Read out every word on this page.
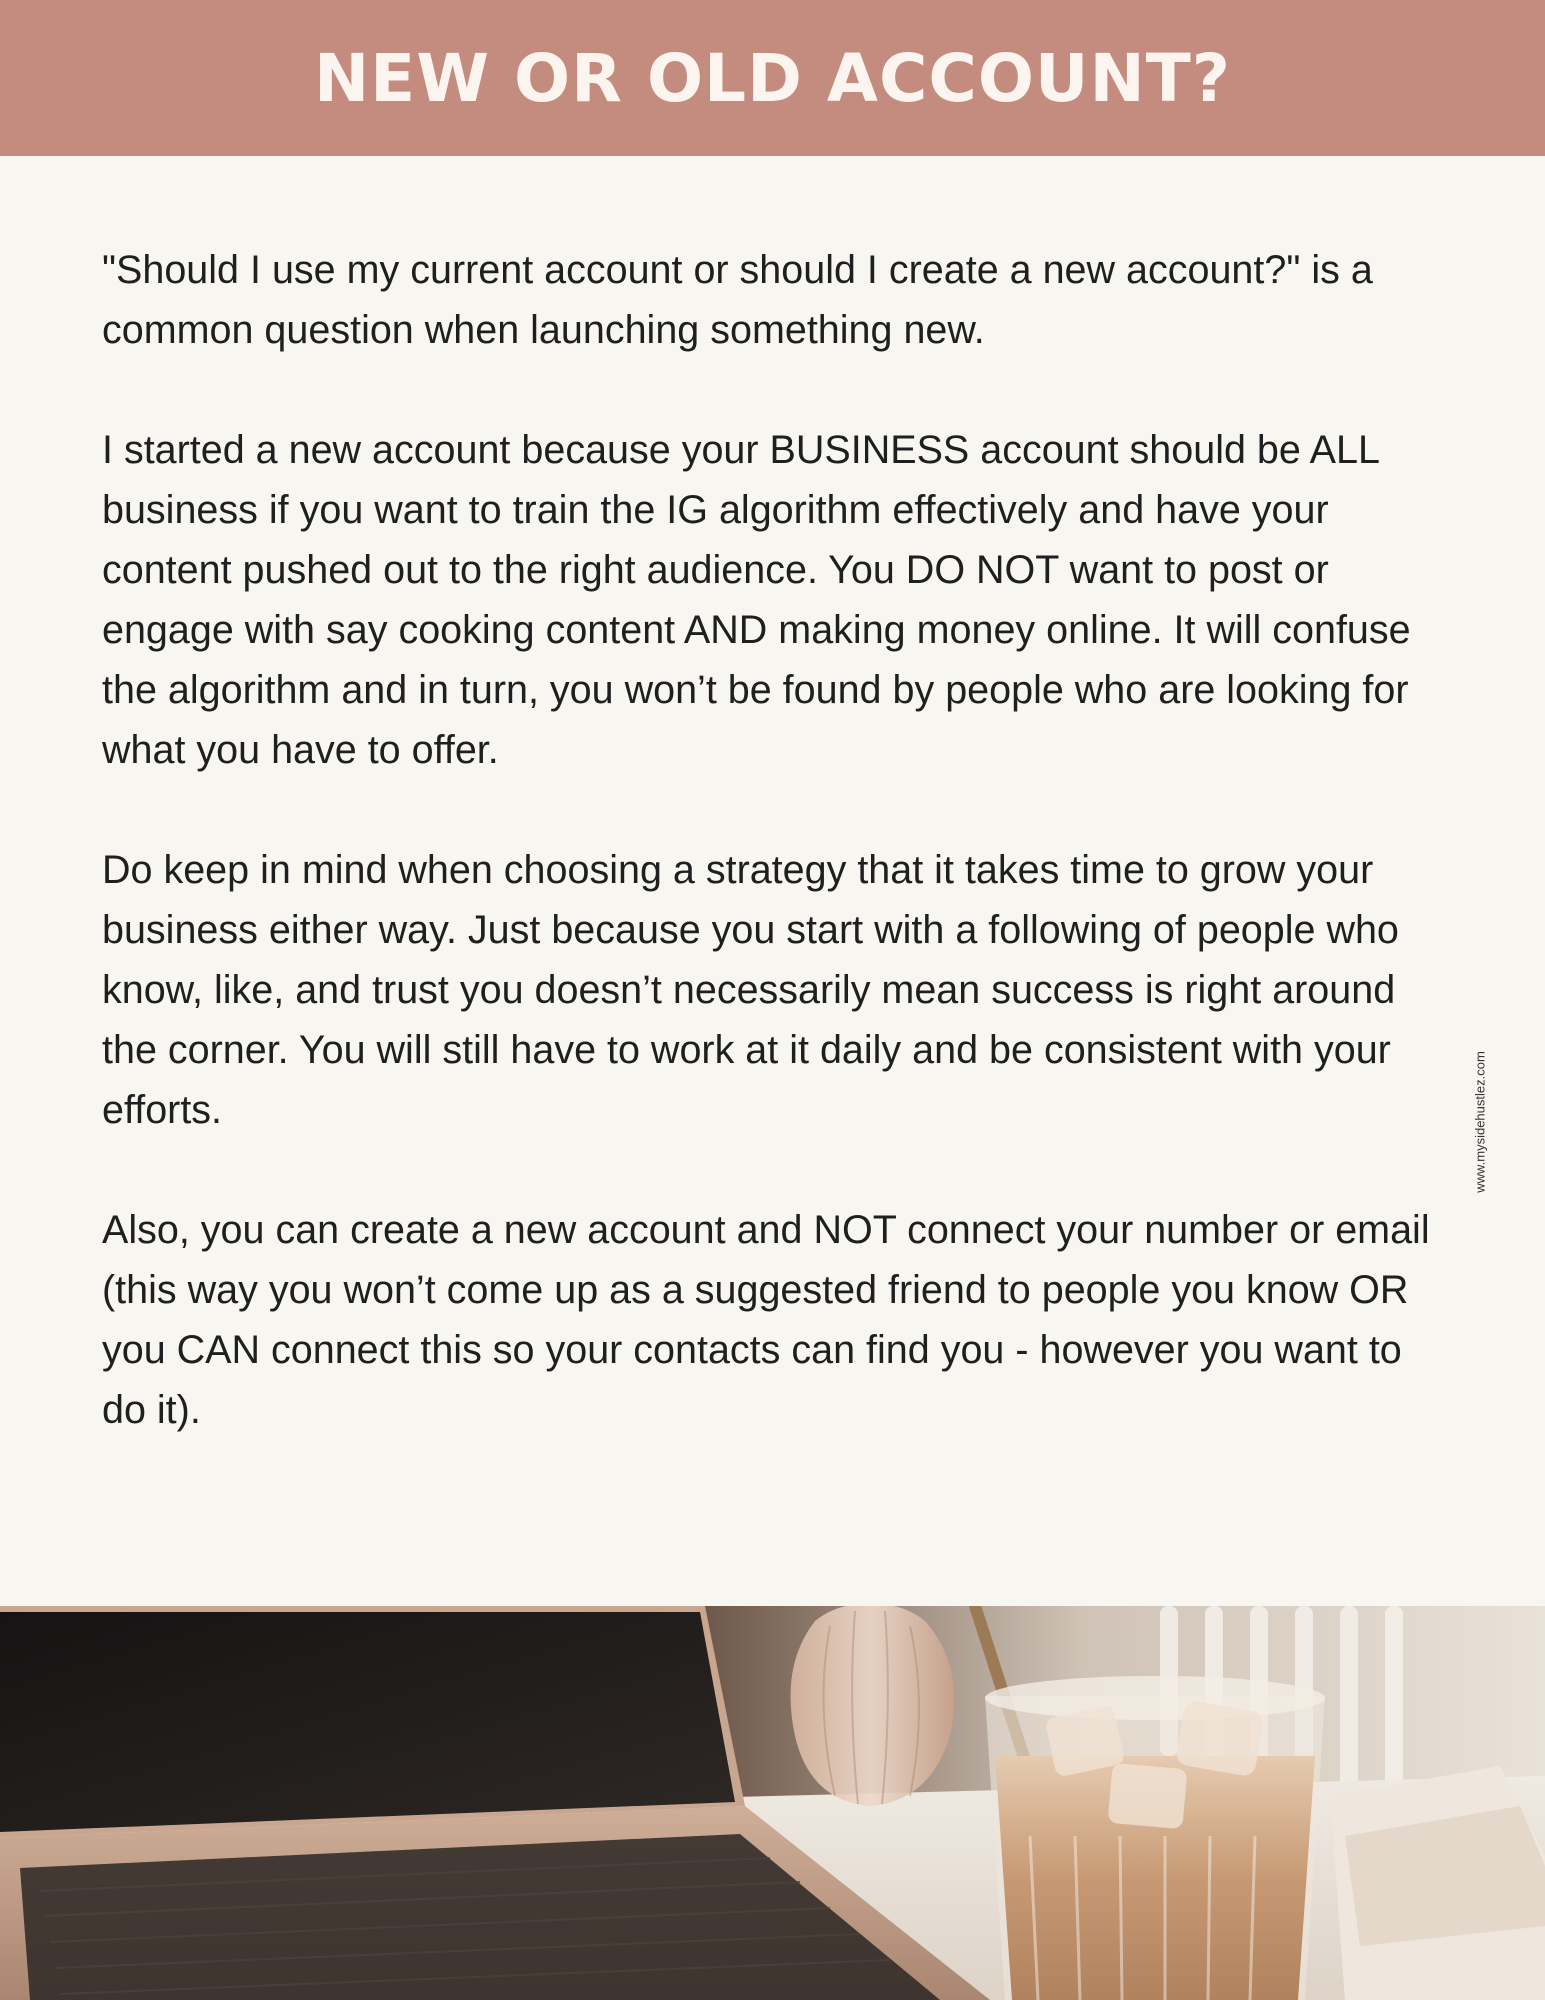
NEW OR OLD ACCOUNT?

"Should I use my current account or should I create a new account?" is a common question when launching something new.

I started a new account because your BUSINESS account should be ALL business if you want to train the IG algorithm effectively and have your content pushed out to the right audience. You DO NOT want to post or engage with say cooking content AND making money online. It will confuse the algorithm and in turn, you won’t be found by people who are looking for what you have to offer.

Do keep in mind when choosing a strategy that it takes time to grow your business either way. Just because you start with a following of people who know, like, and trust you doesn’t necessarily mean success is right around the corner. You will still have to work at it daily and be consistent with your efforts.

Also, you can create a new account and NOT connect your number or email (this way you won’t come up as a suggested friend to people you know OR you CAN connect this so your contacts can find you - however you want to do it).

www.mysidehustlez.com
